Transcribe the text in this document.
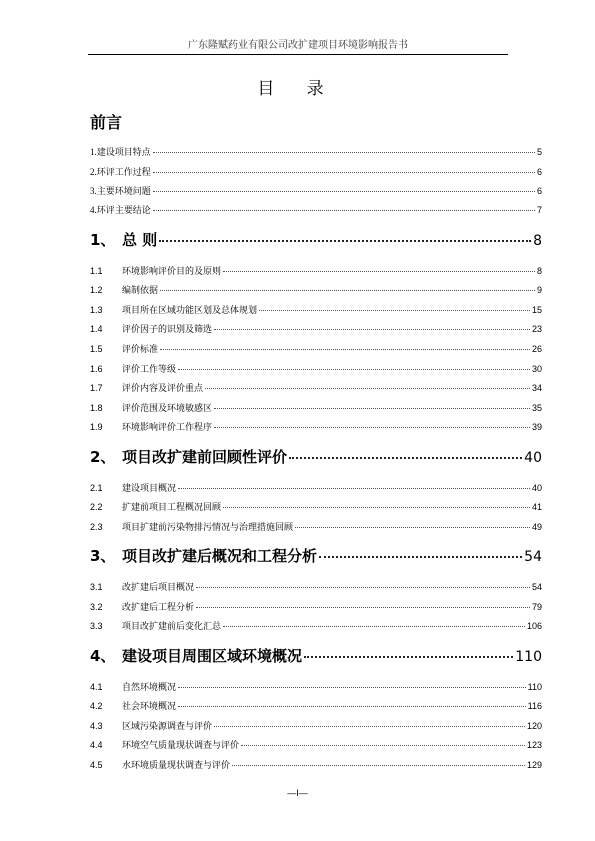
广东隆赋药业有限公司改扩建项目环境影响报告书
目 录
前言
1.建设项目特点	5
2.环评工作过程	6
3.主要环境问题	6
4.环评主要结论	7
1、 总 则	8
1.1	环境影响评价目的及原则	8
1.2	编制依据	9
1.3	项目所在区域功能区划及总体规划	15
1.4	评价因子的识别及筛选	23
1.5	评价标准	26
1.6	评价工作等级	30
1.7	评价内容及评价重点	34
1.8	评价范围及环境敏感区	35
1.9	环境影响评价工作程序	39
2、 项目改扩建前回顾性评价	40
2.1	建设项目概况	40
2.2	扩建前项目工程概况回顾	41
2.3	项目扩建前污染物排污情况与治理措施回顾	49
3、 项目改扩建后概况和工程分析	54
3.1	改扩建后项目概况	54
3.2	改扩建后工程分析	79
3.3	项目改扩建前后变化汇总	106
4、 建设项目周围区域环境概况	110
4.1	自然环境概况	110
4.2	社会环境概况	116
4.3	区域污染源调查与评价	120
4.4	环境空气质量现状调查与评价	123
4.5	水环境质量现状调查与评价	129
—I—
